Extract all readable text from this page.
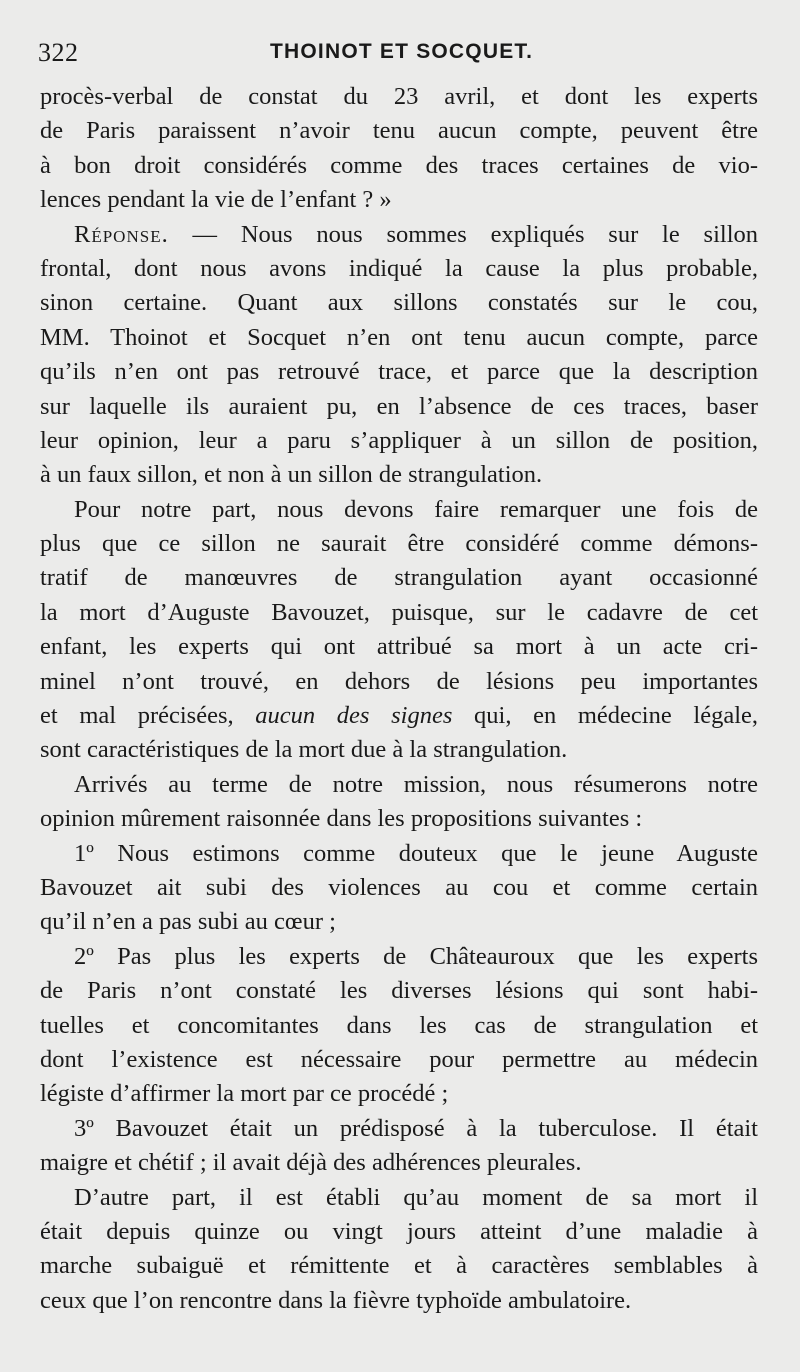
322	THOINOT ET SOCQUET.
procès-verbal de constat du 23 avril, et dont les experts
de Paris paraissent n’avoir tenu aucun compte, peuvent être
à bon droit considérés comme des traces certaines de vio-
lences pendant la vie de l’enfant ? »
Réponse. — Nous nous sommes expliqués sur le sillon
frontal, dont nous avons indiqué la cause la plus probable,
sinon certaine. Quant aux sillons constatés sur le cou,
MM. Thoinot et Socquet n’en ont tenu aucun compte, parce
qu’ils n’en ont pas retrouvé trace, et parce que la description
sur laquelle ils auraient pu, en l’absence de ces traces, baser
leur opinion, leur a paru s’appliquer à un sillon de position,
à un faux sillon, et non à un sillon de strangulation.
Pour notre part, nous devons faire remarquer une fois de
plus que ce sillon ne saurait être considéré comme démons-
tratif de manœuvres de strangulation ayant occasionné
la mort d’Auguste Bavouzet, puisque, sur le cadavre de cet
enfant, les experts qui ont attribué sa mort à un acte cri-
minel n’ont trouvé, en dehors de lésions peu importantes
et mal précisées, aucun des signes qui, en médecine légale,
sont caractéristiques de la mort due à la strangulation.
Arrivés au terme de notre mission, nous résumerons notre
opinion mûrement raisonnée dans les propositions suivantes :
1º Nous estimons comme douteux que le jeune Auguste
Bavouzet ait subi des violences au cou et comme certain
qu’il n’en a pas subi au cœur ;
2º Pas plus les experts de Châteauroux que les experts
de Paris n’ont constaté les diverses lésions qui sont habi-
tuelles et concomitantes dans les cas de strangulation et
dont l’existence est nécessaire pour permettre au médecin
légiste d’affirmer la mort par ce procédé ;
3º Bavouzet était un prédisposé à la tuberculose. Il était
maigre et chétif ; il avait déjà des adhérences pleurales.
D’autre part, il est établi qu’au moment de sa mort il
était depuis quinze ou vingt jours atteint d’une maladie à
marche subaiguë et rémittente et à caractères semblables à
ceux que l’on rencontre dans la fièvre typhoïde ambulatoire.
